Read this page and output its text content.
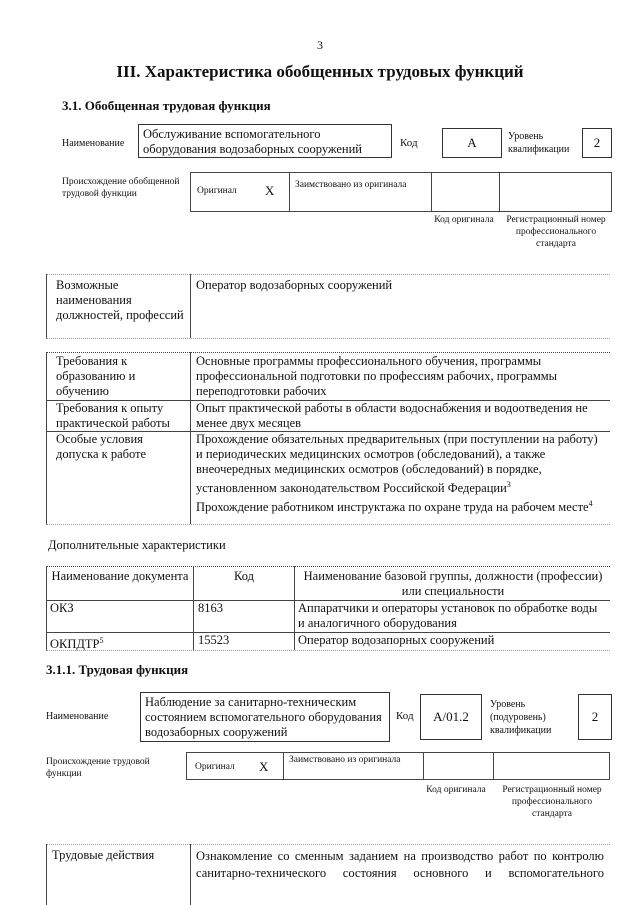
3
III. Характеристика обобщенных трудовых функций
3.1. Обобщенная трудовая функция
Наименование
Обслуживание вспомогательного оборудования водозаборных сооружений	Код	A	Уровень квалификации	2
Происхождение обобщенной трудовой функции	Оригинал X Заимствовано из оригинала
Код оригинала	Регистрационный номер профессионального стандарта
Возможные наименования должностей, профессий
Оператор водозаборных сооружений
Требования к образованию и обучению
Основные программы профессионального обучения, программы профессиональной подготовки по профессиям рабочих, программы переподготовки рабочих
Требования к опыту практической работы
Опыт практической работы в области водоснабжения и водоотведения не менее двух месяцев
Особые условия допуска к работе
Прохождение обязательных предварительных (при поступлении на работу) и периодических медицинских осмотров (обследований), а также внеочередных медицинских осмотров (обследований) в порядке, установленном законодательством Российской Федерации$^3$
Прохождение работником инструктажа по охране труда на рабочем месте$^4$
Дополнительные характеристики
Наименование документа	Код	Наименование базовой группы, должности (профессии) или специальности
ОКЗ	8163	Аппаратчики и операторы установок по обработке воды и аналогичного оборудования
ОКПДТР$^5$	15523	Оператор водозапорных сооружений
3.1.1. Трудовая функция
Наименование
Наблюдение за санитарно-техническим состоянием вспомогательного оборудования водозаборных сооружений
Код	A/01.2
Уровень (подуровень) квалификации
2
Происхождение трудовой функции
Оригинал X Заимствовано из оригинала
Код оригинала	Регистрационный номер профессионального стандарта
Трудовые действия	Ознакомление со сменным заданием на производство работ по контролю санитарно-технического состояния основного и вспомогательного
